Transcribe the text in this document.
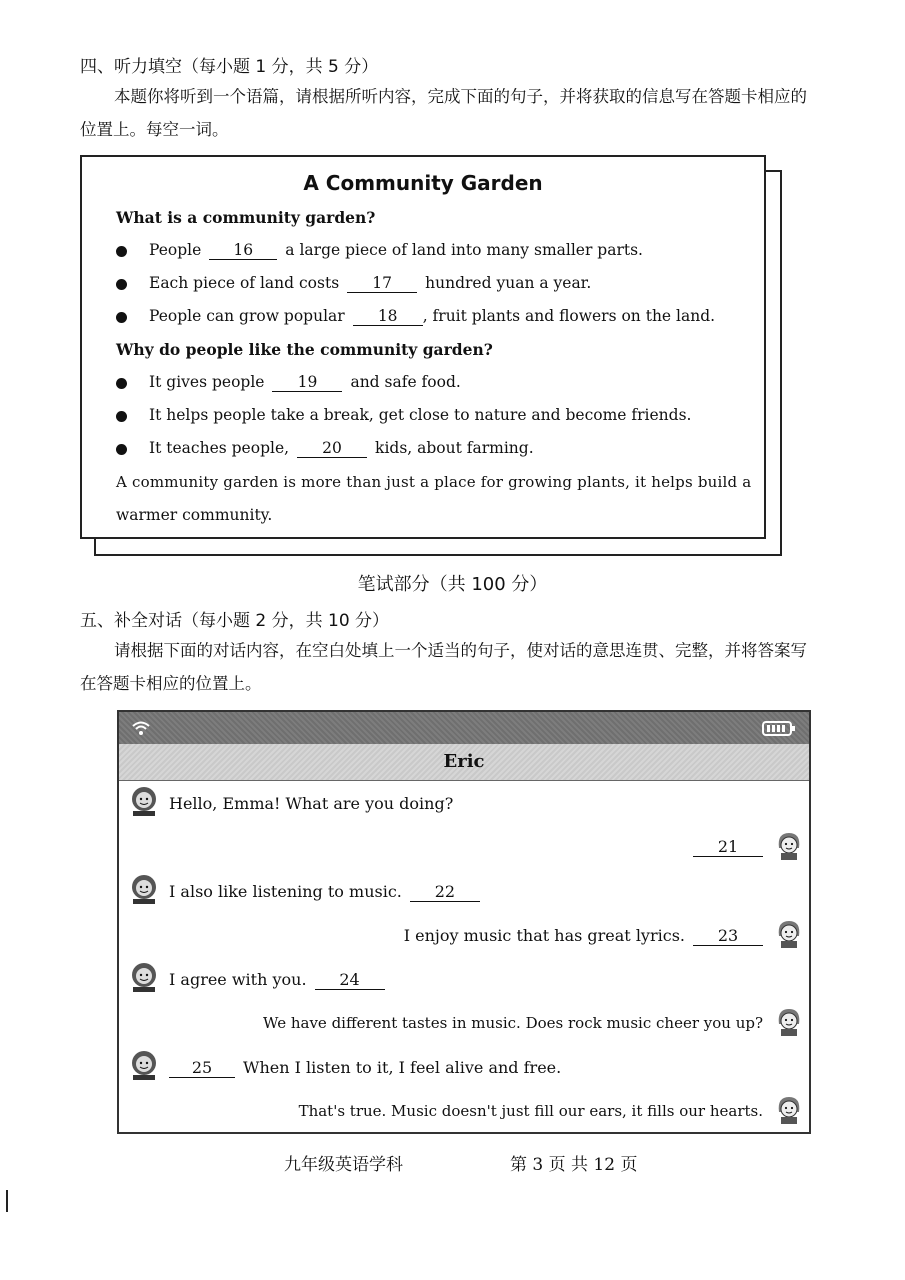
四、听力填空（每小题 1 分，共 5 分）
本题你将听到一个语篇，请根据所听内容，完成下面的句子，并将获取的信息写在答题卡相应的
位置上。每空一词。
A Community Garden
What is a community garden?
People 16 a large piece of land into many smaller parts.
Each piece of land costs 17 hundred yuan a year.
People can grow popular 18 , fruit plants and flowers on the land.
Why do people like the community garden?
It gives people 19 and safe food.
It helps people take a break, get close to nature and become friends.
It teaches people, 20 kids, about farming.
A community garden is more than just a place for growing plants, it helps build a
warmer community.
笔试部分（共 100 分）
五、补全对话（每小题 2 分，共 10 分）
请根据下面的对话内容，在空白处填上一个适当的句子，使对话的意思连贯、完整，并将答案写
在答题卡相应的位置上。
Eric
Hello, Emma! What are you doing?
21
I also like listening to music. 22
I enjoy music that has great lyrics. 23
I agree with you. 24
We have different tastes in music. Does rock music cheer you up?
25 When I listen to it, I feel alive and free.
That's true. Music doesn't just fill our ears, it fills our hearts.
九年级英语学科	第 3 页 共 12 页
